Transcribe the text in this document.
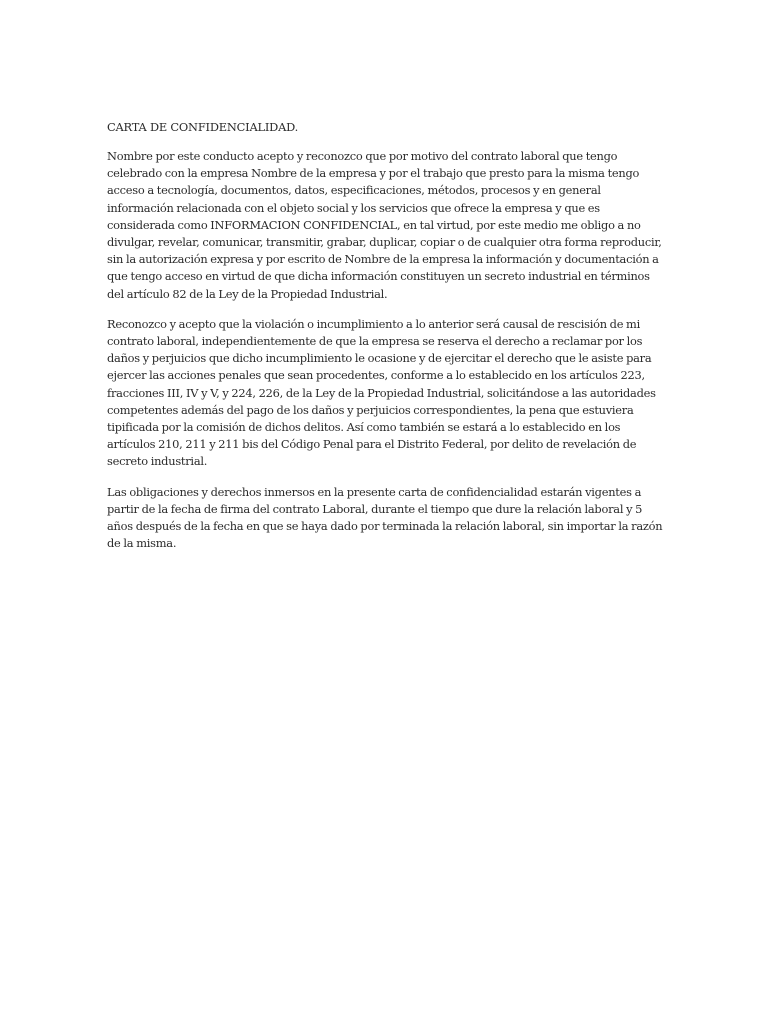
CARTA DE CONFIDENCIALIDAD.

Nombre por este conducto acepto y reconozco que por motivo del contrato laboral que tengo celebrado con la empresa Nombre de la empresa y por el trabajo que presto para la misma tengo acceso a tecnología, documentos, datos, especificaciones, métodos, procesos y en general información relacionada con el objeto social y los servicios que ofrece la empresa y que es considerada como INFORMACION CONFIDENCIAL, en tal virtud, por este medio me obligo a no divulgar, revelar, comunicar, transmitir, grabar, duplicar, copiar o de cualquier otra forma reproducir, sin la autorización expresa y por escrito de Nombre de la empresa la información y documentación a que tengo acceso en virtud de que dicha información constituyen un secreto industrial en términos del artículo 82 de la Ley de la Propiedad Industrial.

Reconozco y acepto que la violación o incumplimiento a lo anterior será causal de rescisión de mi contrato laboral, independientemente de que la empresa se reserva el derecho a reclamar por los daños y perjuicios que dicho incumplimiento le ocasione y de ejercitar el derecho que le asiste para ejercer las acciones penales que sean procedentes, conforme a lo establecido en los artículos 223, fracciones III, IV y V, y 224, 226, de la Ley de la Propiedad Industrial, solicitándose a las autoridades competentes además del pago de los daños y perjuicios correspondientes, la pena que estuviera tipificada por la comisión de dichos delitos. Así como también se estará a lo establecido en los artículos 210, 211 y 211 bis del Código Penal para el Distrito Federal, por delito de revelación de secreto industrial.

Las obligaciones y derechos inmersos en la presente carta de confidencialidad estarán vigentes a partir de la fecha de firma del contrato Laboral, durante el tiempo que dure la relación laboral y 5 años después de la fecha en que se haya dado por terminada la relación laboral, sin importar la razón de la misma.
